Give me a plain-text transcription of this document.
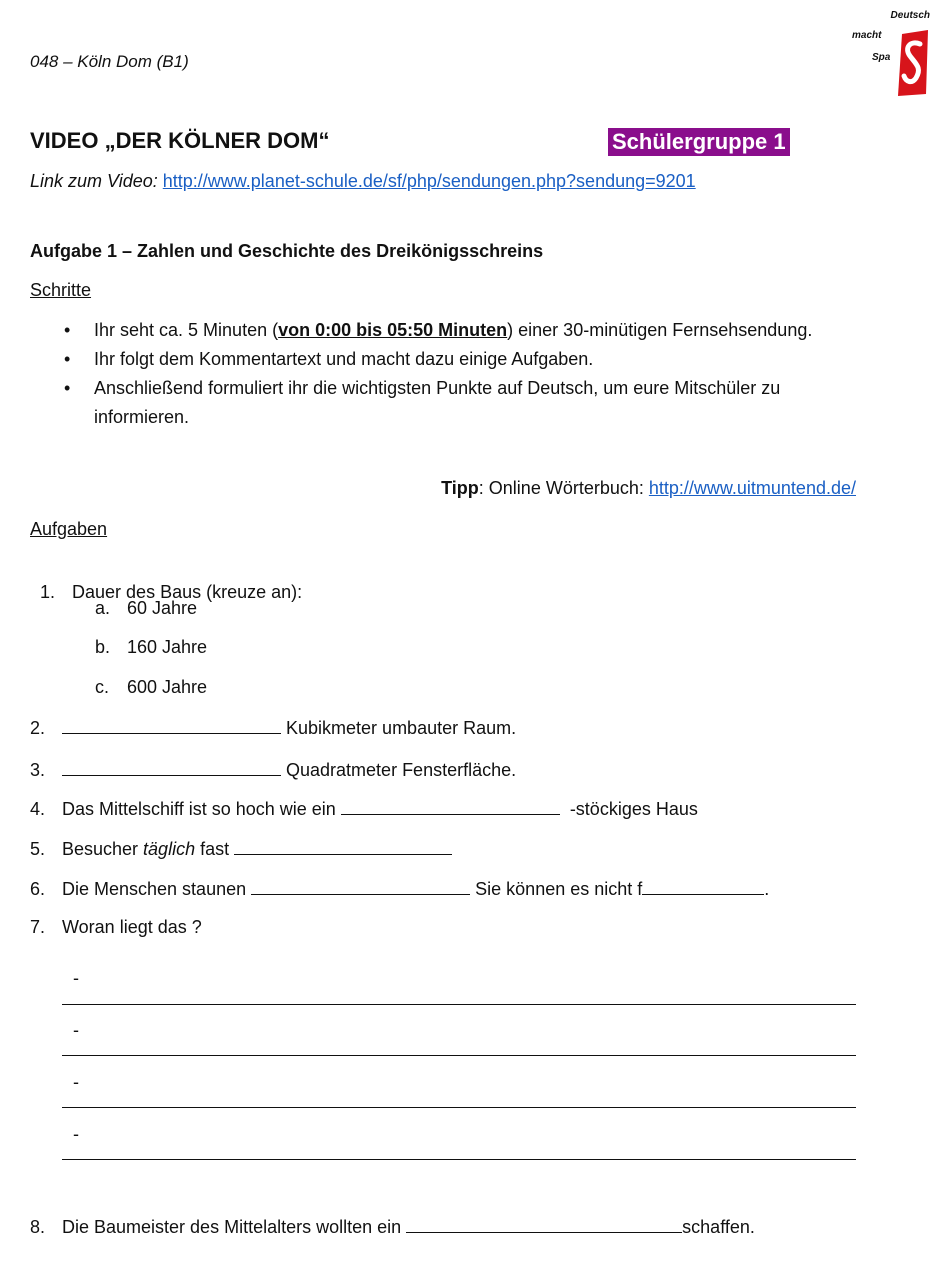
048 – Köln Dom (B1)
Deutsch
macht
Spa
VIDEO „DER KÖLNER DOM“	Schülergruppe 1
Link zum Video: http://www.planet-schule.de/sf/php/sendungen.php?sendung=9201
Aufgabe 1 – Zahlen und Geschichte des Dreikönigsschreins
Schritte
• Ihr seht ca. 5 Minuten (von 0:00 bis 05:50 Minuten) einer 30-minütigen Fernsehsendung.
• Ihr folgt dem Kommentartext und macht dazu einige Aufgaben.
• Anschließend formuliert ihr die wichtigsten Punkte auf Deutsch, um eure Mitschüler zu informieren.
Tipp: Online Wörterbuch: http://www.uitmuntend.de/
Aufgaben

1. Dauer des Baus (kreuze an):

a. 60 Jahre
b. 160 Jahre
c. 600 Jahre
2.	Kubikmeter umbauter Raum.
3.	Quadratmeter Fensterfläche.
4. Das Mittelschiff ist so hoch wie ein	-stöckiges Haus
5. Besucher täglich fast
6. Die Menschen staunen	Sie können es nicht f	.
7. Woran liegt das ?
-
-
-
-
8. Die Baumeister des Mittelalters wollten ein	schaffen.
